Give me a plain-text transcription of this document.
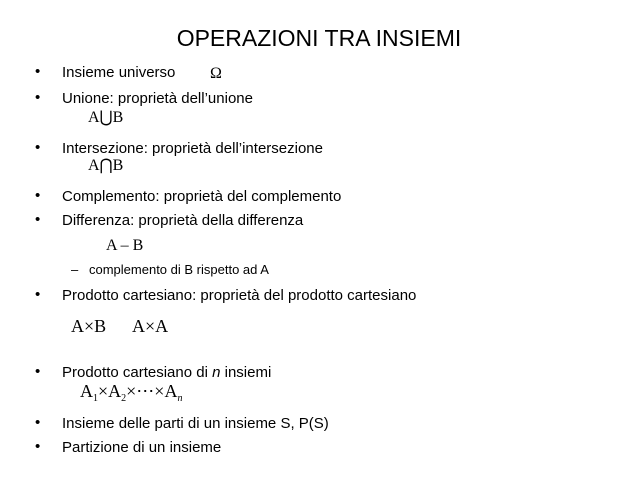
OPERAZIONI TRA INSIEMI
• Insieme universo Ω
• Unione: proprietà dell’unione
A⋃B
• Intersezione: proprietà dell’intersezione
A⋂B
• Complemento: proprietà del complemento
• Differenza: proprietà della differenza
A – B
– complemento di B rispetto ad A
• Prodotto cartesiano: proprietà del prodotto cartesiano
A×B A×A
• Prodotto cartesiano di n insiemi
$A_1\times A_2\times\cdots\times A_n$
• Insieme delle parti di un insieme S, P(S)
• Partizione di un insieme
